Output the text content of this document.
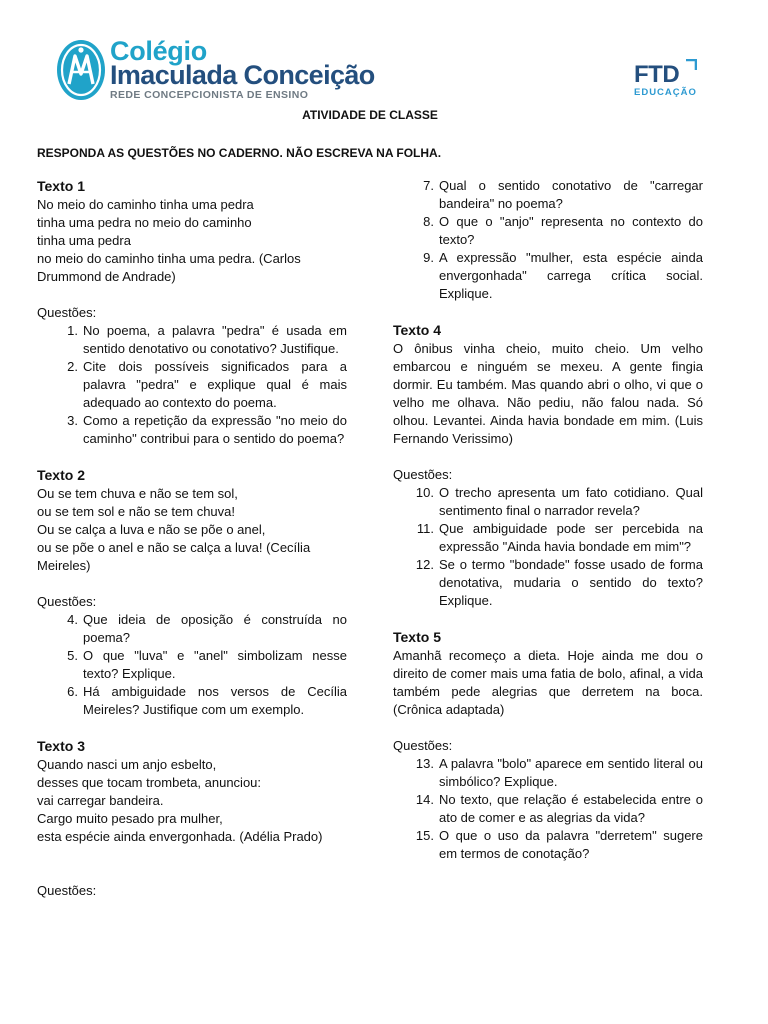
Colégio
Imaculada Conceição
REDE CONCEPCIONISTA DE ENSINO
FTD
EDUCAÇÃO
ATIVIDADE DE CLASSE
RESPONDA AS QUESTÕES NO CADERNO. NÃO ESCREVA NA FOLHA.
Texto 1
No meio do caminho tinha uma pedra
tinha uma pedra no meio do caminho
tinha uma pedra
no meio do caminho tinha uma pedra. (Carlos
Drummond de Andrade)
Questões:
1. No poema, a palavra "pedra" é usada em sentido denotativo ou conotativo? Justifique.
2. Cite dois possíveis significados para a palavra "pedra" e explique qual é mais adequado ao contexto do poema.
3. Como a repetição da expressão "no meio do caminho" contribui para o sentido do poema?
Texto 2
Ou se tem chuva e não se tem sol,
ou se tem sol e não se tem chuva!
Ou se calça a luva e não se põe o anel,
ou se põe o anel e não se calça a luva! (Cecília
Meireles)
Questões:
4. Que ideia de oposição é construída no poema?
5. O que "luva" e "anel" simbolizam nesse texto? Explique.
6. Há ambiguidade nos versos de Cecília Meireles? Justifique com um exemplo.
Texto 3
Quando nasci um anjo esbelto,
desses que tocam trombeta, anunciou:
vai carregar bandeira.
Cargo muito pesado pra mulher,
esta espécie ainda envergonhada. (Adélia Prado)
Questões:
7. Qual o sentido conotativo de "carregar bandeira" no poema?
8. O que o "anjo" representa no contexto do texto?
9. A expressão "mulher, esta espécie ainda envergonhada" carrega crítica social. Explique.
Texto 4
O ônibus vinha cheio, muito cheio. Um velho embarcou e ninguém se mexeu. A gente fingia dormir. Eu também. Mas quando abri o olho, vi que o velho me olhava. Não pediu, não falou nada. Só olhou. Levantei. Ainda havia bondade em mim. (Luis Fernando Verissimo)
Questões:
10. O trecho apresenta um fato cotidiano. Qual sentimento final o narrador revela?
11. Que ambiguidade pode ser percebida na expressão "Ainda havia bondade em mim"?
12. Se o termo "bondade" fosse usado de forma denotativa, mudaria o sentido do texto? Explique.
Texto 5
Amanhã recomeço a dieta. Hoje ainda me dou o direito de comer mais uma fatia de bolo, afinal, a vida também pede alegrias que derretem na boca. (Crônica adaptada)
Questões:
13. A palavra "bolo" aparece em sentido literal ou simbólico? Explique.
14. No texto, que relação é estabelecida entre o ato de comer e as alegrias da vida?
15. O que o uso da palavra "derretem" sugere em termos de conotação?
